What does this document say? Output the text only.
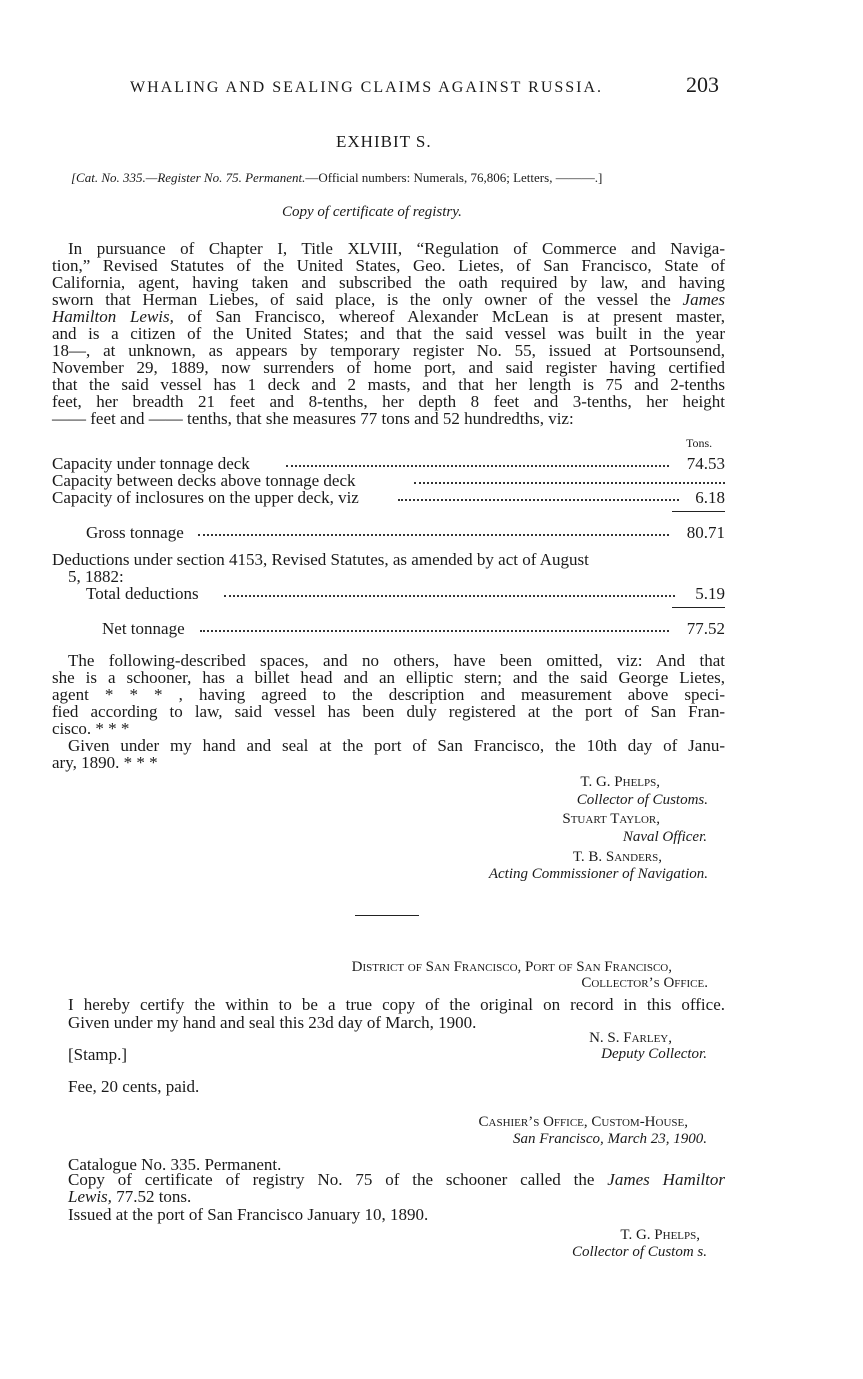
WHALING AND SEALING CLAIMS AGAINST RUSSIA.	203
EXHIBIT S.
[Cat. No. 335.—Register No. 75. Permanent.—Official numbers: Numerals, 76,806; Letters, ———.]
Copy of certificate of registry.
In pursuance of Chapter I, Title XLVIII, “Regulation of Commerce and Naviga-
tion,” Revised Statutes of the United States, Geo. Lietes, of San Francisco, State of
California, agent, having taken and subscribed the oath required by law, and having
sworn that Herman Liebes, of said place, is the only owner of the vessel the James
Hamilton Lewis, of San Francisco, whereof Alexander McLean is at present master,
and is a citizen of the United States; and that the said vessel was built in the year
18—, at unknown, as appears by temporary register No. 55, issued at Portsounsend,
November 29, 1889, now surrenders of home port, and said register having certified
that the said vessel has 1 deck and 2 masts, and that her length is 75 and 2-tenths
feet, her breadth 21 feet and 8-tenths, her depth 8 feet and 3-tenths, her height
—— feet and —— tenths, that she measures 77 tons and 52 hundredths, viz:
Tons.
Capacity under tonnage deck	74.53
Capacity between decks above tonnage deck
Capacity of inclosures on the upper deck, viz	6.18
Gross tonnage	80.71
Deductions under section 4153, Revised Statutes, as amended by act of August
5, 1882:
Total deductions	5.19
Net tonnage	77.52
The following-described spaces, and no others, have been omitted, viz: And that
she is a schooner, has a billet head and an elliptic stern; and the said George Lietes,
agent * * * , having agreed to the description and measurement above speci-
fied according to law, said vessel has been duly registered at the port of San Fran-
cisco. * * *
Given under my hand and seal at the port of San Francisco, the 10th day of Janu-
ary, 1890. * * *
T. G. Phelps,
Collector of Customs.
Stuart Taylor,
Naval Officer.
T. B. Sanders,
Acting Commissioner of Navigation.
District of San Francisco, Port of San Francisco,
Collector’s Office.
I hereby certify the within to be a true copy of the original on record in this office.
Given under my hand and seal this 23d day of March, 1900.
N. S. Farley,
[Stamp.]	Deputy Collector.
Fee, 20 cents, paid.
Cashier’s Office, Custom-House,
San Francisco, March 23, 1900.
Catalogue No. 335. Permanent.
Copy of certificate of registry No. 75 of the schooner called the James Hamiltor
Lewis, 77.52 tons.
Issued at the port of San Francisco January 10, 1890.
T. G. Phelps,
Collector of Custom s.
